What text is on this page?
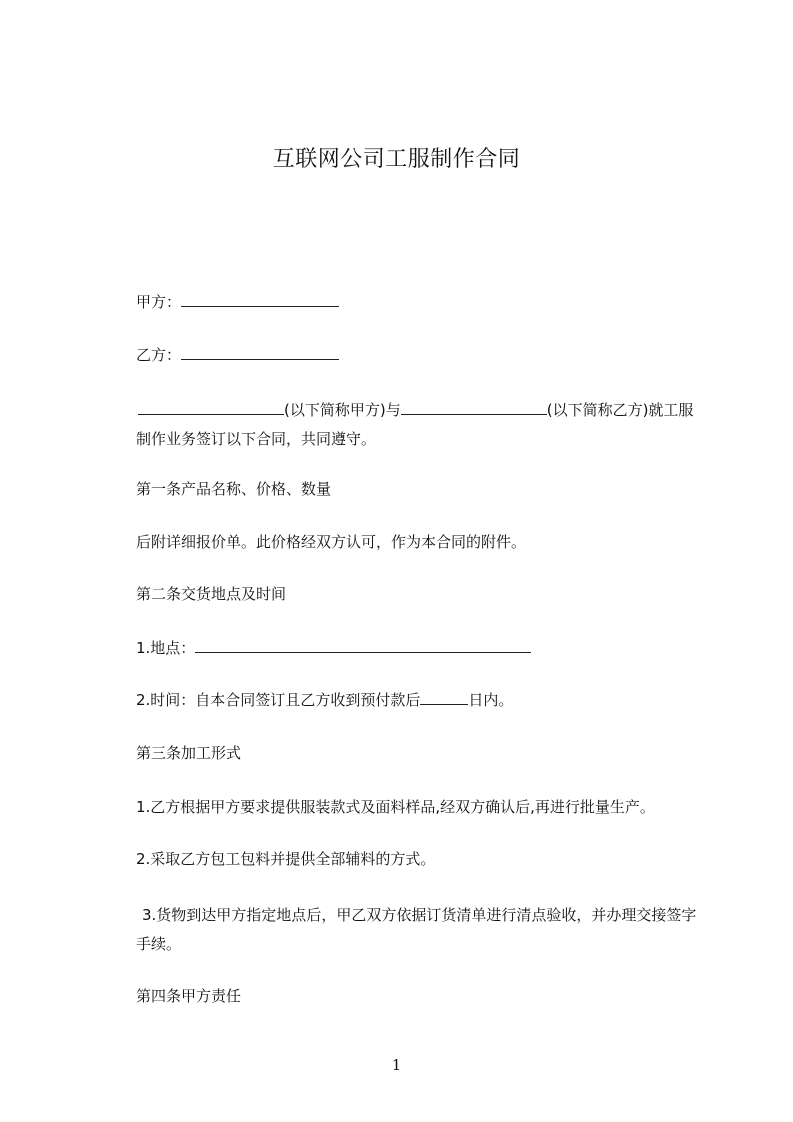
互联网公司工服制作合同
甲方：
乙方：
(以下简称甲方)与	(以下简称乙方)就工服制作业务签订以下合同，共同遵守。
第一条产品名称、价格、数量
后附详细报价单。此价格经双方认可，作为本合同的附件。
第二条交货地点及时间
1.地点：
2.时间：自本合同签订且乙方收到预付款后	日内。
第三条加工形式
1.乙方根据甲方要求提供服装款式及面料样品,经双方确认后,再进行批量生产。
2.采取乙方包工包料并提供全部辅料的方式。
3.货物到达甲方指定地点后，甲乙双方依据订货清单进行清点验收，并办理交接签字手续。
第四条甲方责任
1
